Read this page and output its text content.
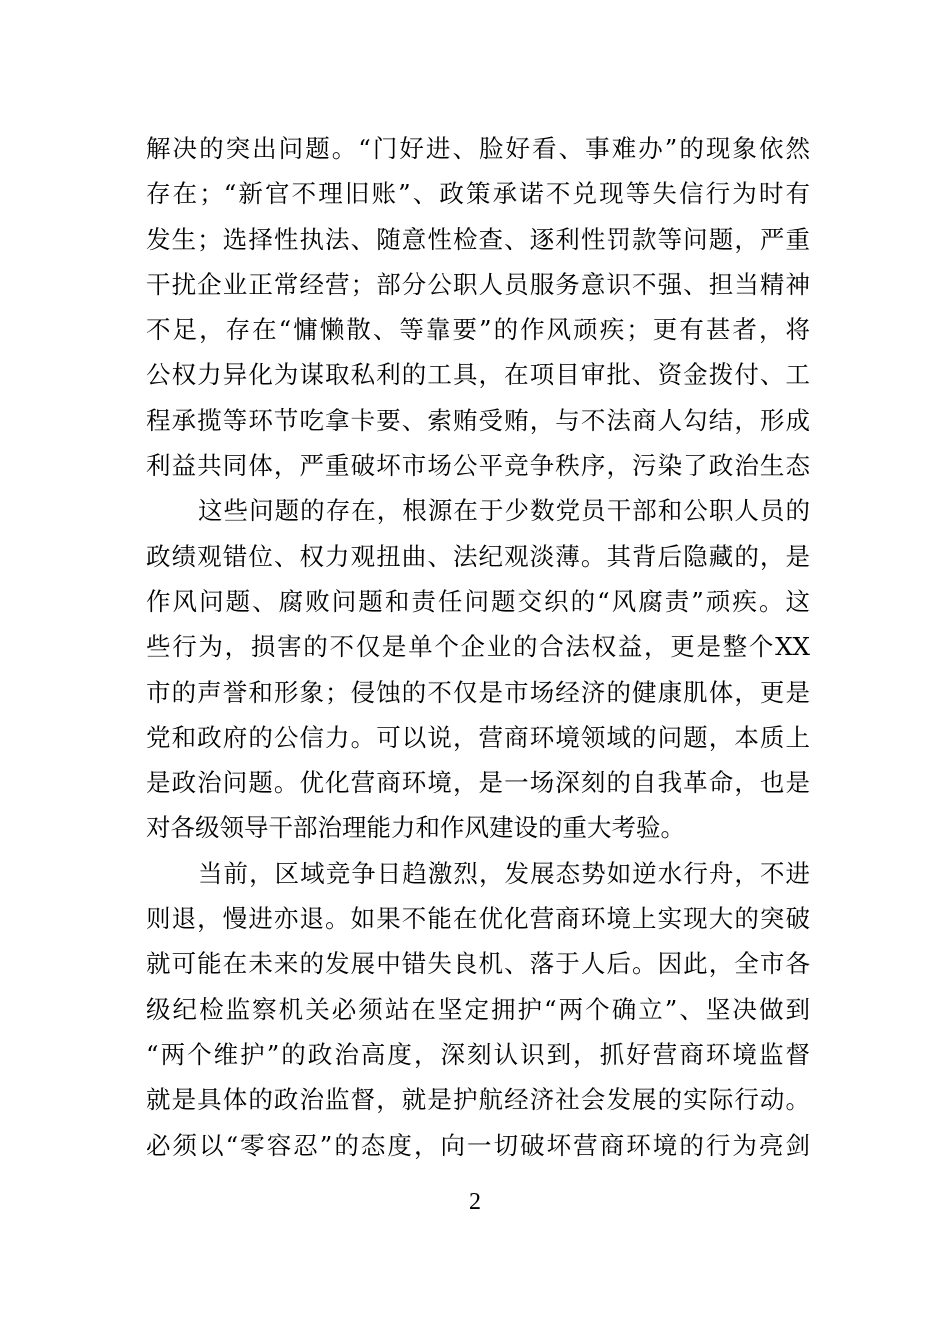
解决的突出问题。“门好进、脸好看、事难办”的现象依然
存在；“新官不理旧账”、政策承诺不兑现等失信行为时有
发生；选择性执法、随意性检查、逐利性罚款等问题，严重
干扰企业正常经营；部分公职人员服务意识不强、担当精神
不足，存在“慵懒散、等靠要”的作风顽疾；更有甚者，将
公权力异化为谋取私利的工具，在项目审批、资金拨付、工
程承揽等环节吃拿卡要、索贿受贿，与不法商人勾结，形成
利益共同体，严重破坏市场公平竞争秩序，污染了政治生态
这些问题的存在，根源在于少数党员干部和公职人员的
政绩观错位、权力观扭曲、法纪观淡薄。其背后隐藏的，是
作风问题、腐败问题和责任问题交织的“风腐责”顽疾。这
些行为，损害的不仅是单个企业的合法权益，更是整个XX
市的声誉和形象；侵蚀的不仅是市场经济的健康肌体，更是
党和政府的公信力。可以说，营商环境领域的问题，本质上
是政治问题。优化营商环境，是一场深刻的自我革命，也是
对各级领导干部治理能力和作风建设的重大考验。
当前，区域竞争日趋激烈，发展态势如逆水行舟，不进
则退，慢进亦退。如果不能在优化营商环境上实现大的突破
就可能在未来的发展中错失良机、落于人后。因此，全市各
级纪检监察机关必须站在坚定拥护“两个确立”、坚决做到
“两个维护”的政治高度，深刻认识到，抓好营商环境监督
就是具体的政治监督，就是护航经济社会发展的实际行动。
必须以“零容忍”的态度，向一切破坏营商环境的行为亮剑
2
